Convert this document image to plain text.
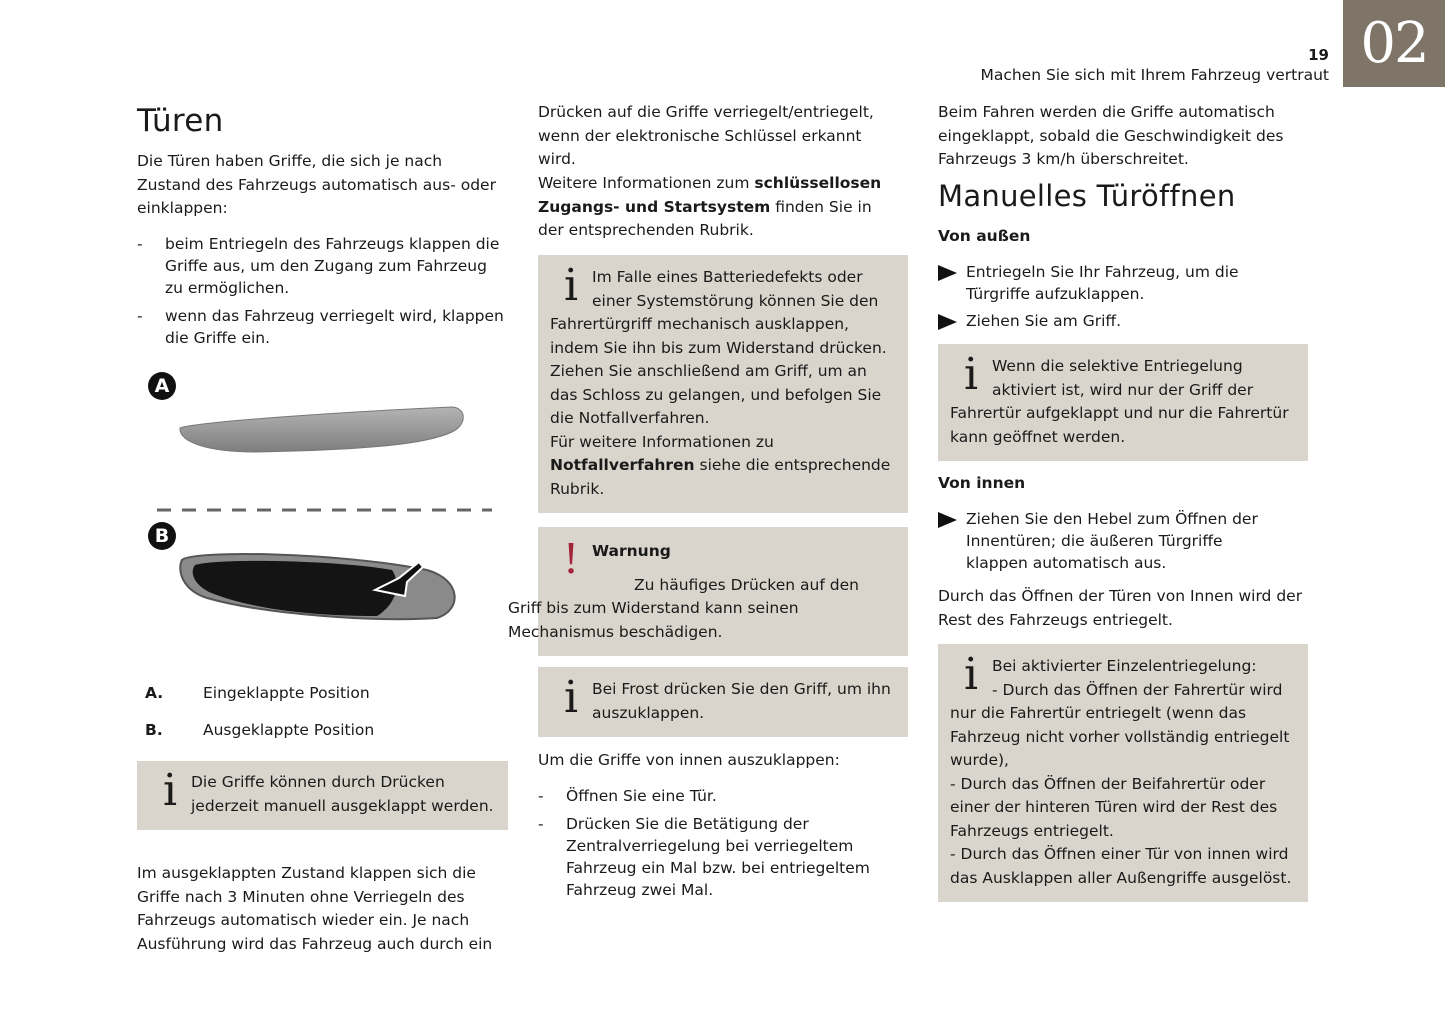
02
19
Machen Sie sich mit Ihrem Fahrzeug vertraut
Türen

Die Türen haben Griffe, die sich je nach Zustand des Fahrzeugs automatisch aus- oder einklappen:

- beim Entriegeln des Fahrzeugs klappen die Griffe aus, um den Zugang zum Fahrzeug zu ermöglichen.
- wenn das Fahrzeug verriegelt wird, klappen die Griffe ein.
A
B
A.	Eingeklappte Position
B.	Ausgeklappte Position
i Die Griffe können durch Drücken jederzeit manuell ausgeklappt werden.

Im ausgeklappten Zustand klappen sich die Griffe nach 3 Minuten ohne Verriegeln des Fahrzeugs automatisch wieder ein. Je nach Ausführung wird das Fahrzeug auch durch ein

Drücken auf die Griffe verriegelt/entriegelt, wenn der elektronische Schlüssel erkannt wird.

Weitere Informationen zum schlüssellosen Zugangs- und Startsystem finden Sie in der entsprechenden Rubrik.

i Im Falle eines Batteriedefekts oder einer Systemstörung können Sie den Fahrertürgriff mechanisch ausklappen, indem Sie ihn bis zum Widerstand drücken. Ziehen Sie anschließend am Griff, um an das Schloss zu gelangen, und befolgen Sie die Notfallverfahren.
Für weitere Informationen zu Notfallverfahren siehe die entsprechende Rubrik.
! Warnung
Zu häufiges Drücken auf den Griff bis zum Widerstand kann seinen Mechanismus beschädigen.
i Bei Frost drücken Sie den Griff, um ihn auszuklappen.

Um die Griffe von innen auszuklappen:

- Öffnen Sie eine Tür.
- Drücken Sie die Betätigung der Zentralverriegelung bei verriegeltem Fahrzeug ein Mal bzw. bei entriegeltem Fahrzeug zwei Mal.

Beim Fahren werden die Griffe automatisch eingeklappt, sobald die Geschwindigkeit des Fahrzeugs 3 km/h überschreitet.

Manuelles Türöffnen
Von außen
Entriegeln Sie Ihr Fahrzeug, um die Türgriffe aufzuklappen.
Ziehen Sie am Griff.
i Wenn die selektive Entriegelung aktiviert ist, wird nur der Griff der Fahrertür aufgeklappt und nur die Fahrertür kann geöffnet werden.
Von innen
Ziehen Sie den Hebel zum Öffnen der Innentüren; die äußeren Türgriffe klappen automatisch aus.

Durch das Öffnen der Türen von Innen wird der Rest des Fahrzeugs entriegelt.

i Bei aktivierter Einzelentriegelung:
- Durch das Öffnen der Fahrertür wird nur die Fahrertür entriegelt (wenn das Fahrzeug nicht vorher vollständig entriegelt wurde),
- Durch das Öffnen der Beifahrertür oder einer der hinteren Türen wird der Rest des Fahrzeugs entriegelt.
- Durch das Öffnen einer Tür von innen wird das Ausklappen aller Außengriffe ausgelöst.
